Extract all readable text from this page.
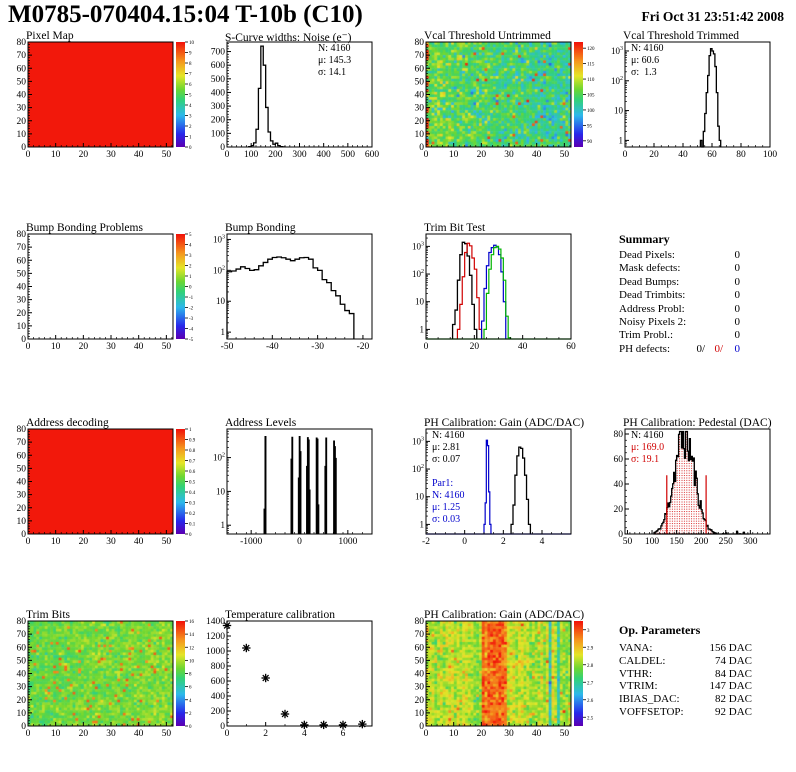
M0785-070404.15:04 T-10b (C10)	Fri Oct 31 23:51:42 2008
Pixel Map
0 10 20 30 40 50
0
10
20
30
40
50
60
70
80	10
9
8
7
6
5
4
3
2
1
0
S-Curve widths: Noise (e⁻)
0 100 200 300 400 500 600
0
100
200
300
400
500
600
700	N: 4160
μ: 145.3
σ: 14.1
Vcal Threshold Untrimmed
0 10 20 30 40 50
0
10
20
30
40
50
60
70
80
120
115
110
105
100
95
90
Vcal Threshold Trimmed
0 20 40 60 80 100
1
10
$10^2$
$10^3$ N: 4160
μ: 60.6
σ:  1.3
Bump Bonding Problems
0 10 20 30 40 50
0
10
20
30
40
50
60
70
80	5
4
3
2
1
0
-1
-2
-3
-4
-5
Bump Bonding
-50	-40	-30	-20
1
10
$10^2$
$10^3$
Trim Bit Test
0	20	40	60
1
10
$10^2$
$10^3$	Summary
Dead Pixels:	0
Mask defects:	0
Dead Bumps:	0
Dead Trimbits:	0
Address Probl:	0
Noisy Pixels 2:	0
Trim Probl.:	0
PH defects: 0/ 0/ 0
Address decoding
0 10 20 30 40 50
0
10
20
30
40
50
60
70
80	1
0.9
0.8
0.7
0.6
0.5
0.4
0.3
0.2
0.1
0
Address Levels
-1000	0	1000
1
10
$10^2$
PH Calibration: Gain (ADC/DAC)
-2	0	2	4
1
10
$10^2$
$10^3$ N: 4160
μ: 2.81
σ: 0.07
Par1:
N: 4160
μ: 1.25
σ: 0.03
PH Calibration: Pedestal (DAC)
50 100 150 200 250 300
0
20
40
60
80 N: 4160
μ: 169.0
σ: 19.1
Trim Bits
0 10 20 30 40 50
0
10
20
30
40
50
60
70
80	16
14
12
10
8
6
4
2
0
Temperature calibration
0	2	4	6
0
200
400
600
800
1000
1200
1400
PH Calibration: Gain (ADC/DAC)
0 10 20 30 40 50
0
10
20
30
40
50
60
70
80
3
2.9
2.8
2.7
2.6
2.5
Op. Parameters
VANA:	156 DAC
CALDEL:	74 DAC
VTHR:	84 DAC
VTRIM:	147 DAC
IBIAS_DAC:	82 DAC
VOFFSETOP:	92 DAC
